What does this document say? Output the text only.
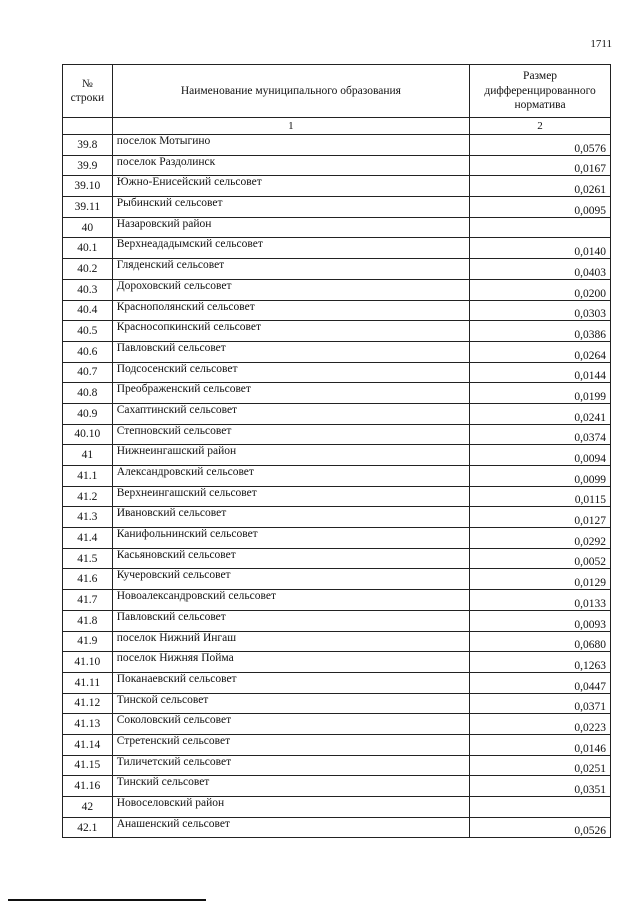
1711
№ строки	Наименование муниципального образования	Размер дифференцированного норматива
	1	2
39.8	поселок Мотыгино	0,0576
39.9	поселок Раздолинск	0,0167
39.10	Южно-Енисейский сельсовет	0,0261
39.11	Рыбинский сельсовет	0,0095
40	Назаровский район	
40.1	Верхнеададымский сельсовет	0,0140
40.2	Гляденский сельсовет	0,0403
40.3	Дороховский сельсовет	0,0200
40.4	Краснополянский сельсовет	0,0303
40.5	Красносопкинский сельсовет	0,0386
40.6	Павловский сельсовет	0,0264
40.7	Подсосенский сельсовет	0,0144
40.8	Преображенский сельсовет	0,0199
40.9	Сахаптинский сельсовет	0,0241
40.10	Степновский сельсовет	0,0374
41	Нижнеингашский район	0,0094
41.1	Александровский сельсовет	0,0099
41.2	Верхнеингашский сельсовет	0,0115
41.3	Ивановский сельсовет	0,0127
41.4	Канифольнинский сельсовет	0,0292
41.5	Касьяновский сельсовет	0,0052
41.6	Кучеровский сельсовет	0,0129
41.7	Новоалександровский сельсовет	0,0133
41.8	Павловский сельсовет	0,0093
41.9	поселок Нижний Ингаш	0,0680
41.10	поселок Нижняя Пойма	0,1263
41.11	Поканаевский сельсовет	0,0447
41.12	Тинской сельсовет	0,0371
41.13	Соколовский сельсовет	0,0223
41.14	Стретенский сельсовет	0,0146
41.15	Тиличетский сельсовет	0,0251
41.16	Тинский сельсовет	0,0351
42	Новоселовский район	
42.1	Анашенский сельсовет	0,0526
